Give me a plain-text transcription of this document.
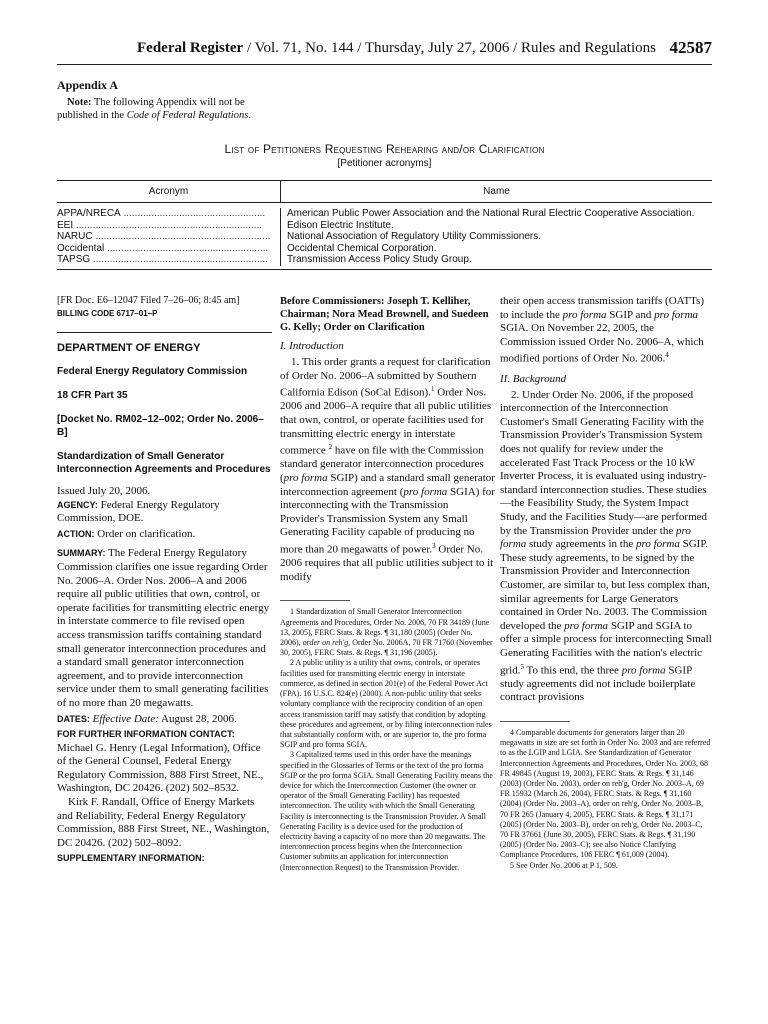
Federal Register / Vol. 71, No. 144 / Thursday, July 27, 2006 / Rules and Regulations 42587
Appendix A
Note: The following Appendix will not be published in the Code of Federal Regulations.
List of Petitioners Requesting Rehearing and/or Clarification
[Petitioner acronyms]
Acronym	Name
APPA/NRECA ...................................................
EEI ...................................................................
NARUC ...............................................................
Occidental ..........................................................
TAPSG ...............................................................
American Public Power Association and the National Rural Electric Cooperative Association.
Edison Electric Institute.
National Association of Regulatory Utility Commissioners.
Occidental Chemical Corporation.
Transmission Access Policy Study Group.

[FR Doc. E6–12047 Filed 7–26–06; 8:45 am]

BILLING CODE 6717–01–P

DEPARTMENT OF ENERGY

Federal Energy Regulatory Commission

18 CFR Part 35

[Docket No. RM02–12–002; Order No. 2006–B]

Standardization of Small Generator Interconnection Agreements and Procedures

Issued July 20, 2006.

AGENCY: Federal Energy Regulatory Commission, DOE.

ACTION: Order on clarification.

SUMMARY: The Federal Energy Regulatory Commission clarifies one issue regarding Order No. 2006–A. Order Nos. 2006–A and 2006 require all public utilities that own, control, or operate facilities for transmitting electric energy in interstate commerce to file revised open access transmission tariffs containing standard small generator interconnection procedures and a standard small generator interconnection agreement, and to provide interconnection service under them to small generating facilities of no more than 20 megawatts.

DATES: Effective Date: August 28, 2006.

FOR FURTHER INFORMATION CONTACT:

Michael G. Henry (Legal Information), Office of the General Counsel, Federal Energy Regulatory Commission, 888 First Street, NE., Washington, DC 20426. (202) 502–8532.

Kirk F. Randall, Office of Energy Markets and Reliability, Federal Energy Regulatory Commission, 888 First Street, NE., Washington, DC 20426. (202) 502–8092.

SUPPLEMENTARY INFORMATION:

Before Commissioners: Joseph T. Kelliher, Chairman; Nora Mead Brownell, and Suedeen G. Kelly; Order on Clarification

I. Introduction

1. This order grants a request for clarification of Order No. 2006–A submitted by Southern California Edison (SoCal Edison).$^1$ Order Nos. 2006 and 2006–A require that all public utilities that own, control, or operate facilities used for transmitting electric energy in interstate commerce $^2$ have on file with the Commission standard generator interconnection procedures (pro forma SGIP) and a standard small generator interconnection agreement (pro forma SGIA) for interconnecting with the Transmission Provider's Transmission System any Small Generating Facility capable of producing no more than 20 megawatts of power.$^3$ Order No. 2006 requires that all public utilities subject to it modify

1 Standardization of Small Generator Interconnection Agreements and Procedures, Order No. 2006, 70 FR 34189 (June 13, 2005), FERC Stats. & Regs. ¶ 31,180 (2005) (Order No. 2006), order on reh'g, Order No. 2006A, 70 FR 71760 (November 30, 2005), FERC Stats. & Regs. ¶ 31,196 (2005).

2 A public utility is a utility that owns, controls, or operates facilities used for transmitting electric energy in interstate commerce, as defined in section 201(e) of the Federal Power Act (FPA). 16 U.S.C. 824(e) (2000). A non-public utility that seeks voluntary compliance with the reciprocity condition of an open access transmission tariff may satisfy that condition by adopting these procedures and agreement, or by filing interconnection rules that substantially conform with, or are superior to, the pro forma SGIP and pro forma SGIA.

3 Capitalized terms used in this order have the meanings specified in the Glossaries of Terms or the text of the pro forma SGIP or the pro forma SGIA. Small Generating Facility means the device for which the Interconnection Customer (the owner or operator of the Small Generating Facility) has requested interconnection. The utility with which the Small Generating Facility is interconnecting is the Transmission Provider. A Small Generating Facility is a device used for the production of electricity having a capacity of no more than 20 megawatts. The interconnection process begins when the Interconnection Customer submits an application for interconnection (Interconnection Request) to the Transmission Provider.

their open access transmission tariffs (OATTs) to include the pro forma SGIP and pro forma SGIA. On November 22, 2005, the Commission issued Order No. 2006–A, which modified portions of Order No. 2006.$^4$

II. Background

2. Under Order No. 2006, if the proposed interconnection of the Interconnection Customer's Small Generating Facility with the Transmission Provider's Transmission System does not qualify for review under the accelerated Fast Track Process or the 10 kW Inverter Process, it is evaluated using industry-standard interconnection studies. These studies—the Feasibility Study, the System Impact Study, and the Facilities Study—are performed by the Transmission Provider under the pro forma study agreements in the pro forma SGIP. These study agreements, to be signed by the Transmission Provider and Interconnection Customer, are similar to, but less complex than, similar agreements for Large Generators contained in Order No. 2003. The Commission developed the pro forma SGIP and SGIA to offer a simple process for interconnecting Small Generating Facilities with the nation's electric grid.$^5$ To this end, the three pro forma SGIP study agreements did not include boilerplate contract provisions

4 Comparable documents for generators larger than 20 megawatts in size are set forth in Order No. 2003 and are referred to as the LGIP and LGIA. See Standardization of Generator Interconnection Agreements and Procedures, Order No. 2003, 68 FR 49845 (August 19, 2003), FERC Stats. & Regs. ¶ 31,146 (2003) (Order No. 2003), order on reh'g, Order No. 2003–A, 69 FR 15932 (March 26, 2004), FERC Stats. & Regs. ¶ 31,160 (2004) (Order No. 2003–A), order on reh'g, Order No. 2003–B, 70 FR 265 (January 4, 2005), FERC Stats. & Regs. ¶ 31,171 (2005) (Order No. 2003–B), order on reh'g, Order No. 2003–C, 70 FR 37661 (June 30, 2005), FERC Stats. & Regs. ¶ 31,190 (2005) (Order No. 2003–C); see also Notice Clarifying Compliance Procedures, 106 FERC ¶ 61,009 (2004).

5 See Order No. 2006 at P 1, 509.
